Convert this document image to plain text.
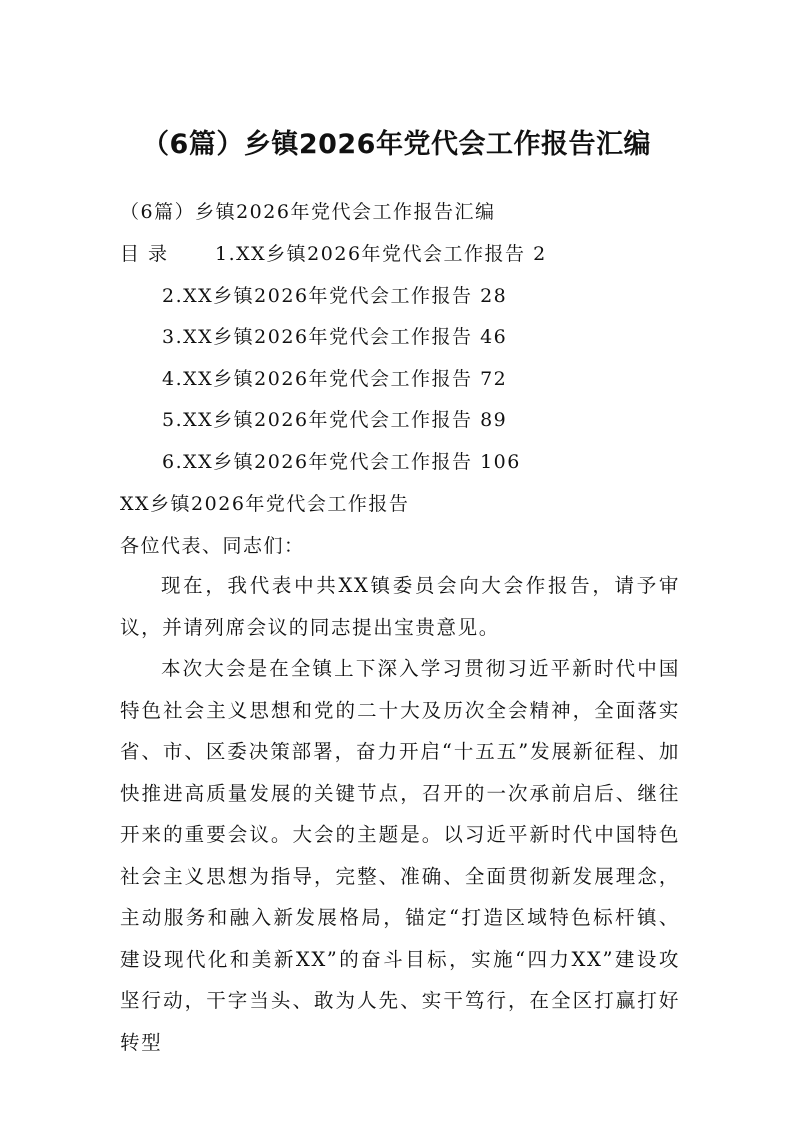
（6篇）乡镇2026年党代会工作报告汇编
（6篇）乡镇2026年党代会工作报告汇编
目 录 1.XX乡镇2026年党代会工作报告 2
2.XX乡镇2026年党代会工作报告 28
3.XX乡镇2026年党代会工作报告 46
4.XX乡镇2026年党代会工作报告 72
5.XX乡镇2026年党代会工作报告 89
6.XX乡镇2026年党代会工作报告 106
XX乡镇2026年党代会工作报告
各位代表、同志们：

现在，我代表中共XX镇委员会向大会作报告，请予审议，并请列席会议的同志提出宝贵意见。

本次大会是在全镇上下深入学习贯彻习近平新时代中国特色社会主义思想和党的二十大及历次全会精神，全面落实省、市、区委决策部署，奋力开启“十五五”发展新征程、加快推进高质量发展的关键节点，召开的一次承前启后、继往开来的重要会议。大会的主题是。以习近平新时代中国特色社会主义思想为指导，完整、准确、全面贯彻新发展理念，主动服务和融入新发展格局，锚定“打造区域特色标杆镇、建设现代化和美新XX”的奋斗目标，实施“四力XX”建设攻坚行动，干字当头、敢为人先、实干笃行，在全区打赢打好转型
